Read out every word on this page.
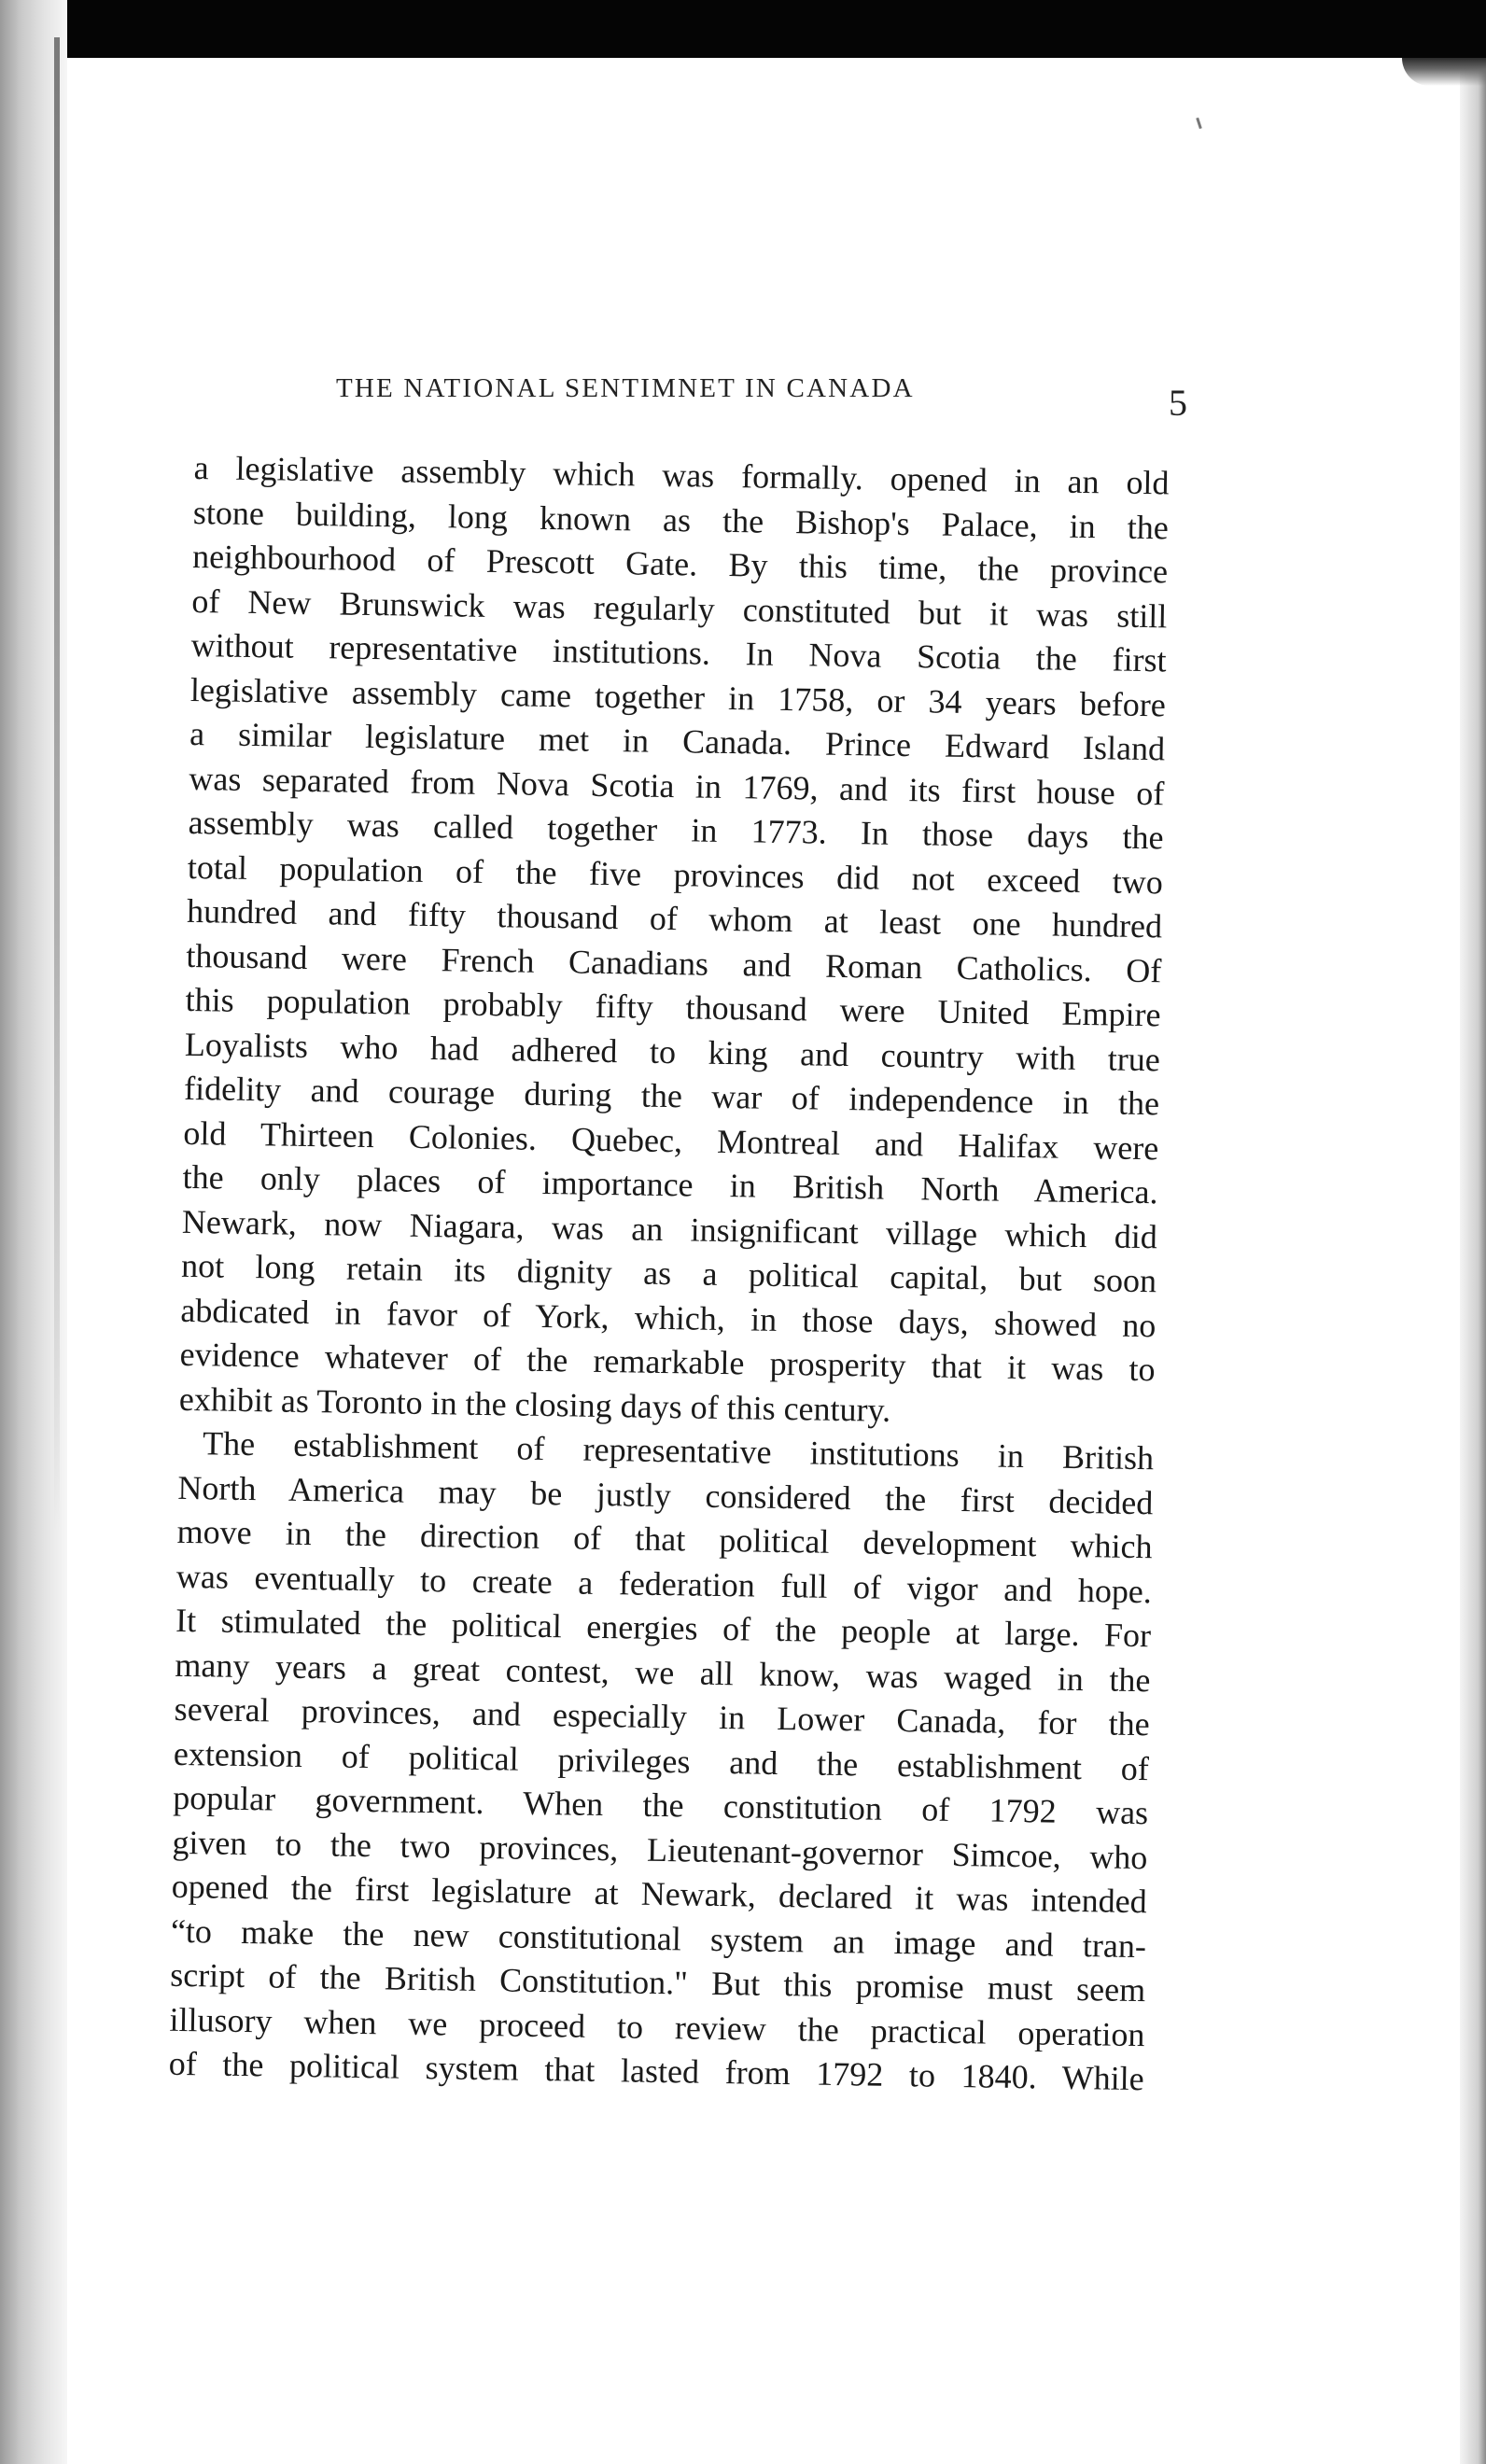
THE NATIONAL SENTIMNET IN CANADA	5
a legislative assembly which was formally. opened in an old
stone building, long known as the Bishop's Palace, in the
neighbourhood of Prescott Gate. By this time, the province
of New Brunswick was regularly constituted but it was still
without representative institutions. In Nova Scotia the first
legislative assembly came together in 1758, or 34 years before
a similar legislature met in Canada. Prince Edward Island
was separated from Nova Scotia in 1769, and its first house of
assembly was called together in 1773. In those days the
total population of the five provinces did not exceed two
hundred and fifty thousand of whom at least one hundred
thousand were French Canadians and Roman Catholics. Of
this population probably fifty thousand were United Empire
Loyalists who had adhered to king and country with true
fidelity and courage during the war of independence in the
old Thirteen Colonies. Quebec, Montreal and Halifax were
the only places of importance in British North America.
Newark, now Niagara, was an insignificant village which did
not long retain its dignity as a political capital, but soon
abdicated in favor of York, which, in those days, showed no
evidence whatever of the remarkable prosperity that it was to
exhibit as Toronto in the closing days of this century.
The establishment of representative institutions in British
North America may be justly considered the first decided
move in the direction of that political development which
was eventually to create a federation full of vigor and hope.
It stimulated the political energies of the people at large. For
many years a great contest, we all know, was waged in the
several provinces, and especially in Lower Canada, for the
extension of political privileges and the establishment of
popular government. When the constitution of 1792 was
given to the two provinces, Lieutenant-governor Simcoe, who
opened the first legislature at Newark, declared it was intended
“to make the new constitutional system an image and tran-
script of the British Constitution." But this promise must seem
illusory when we proceed to review the practical operation
of the political system that lasted from 1792 to 1840. While
